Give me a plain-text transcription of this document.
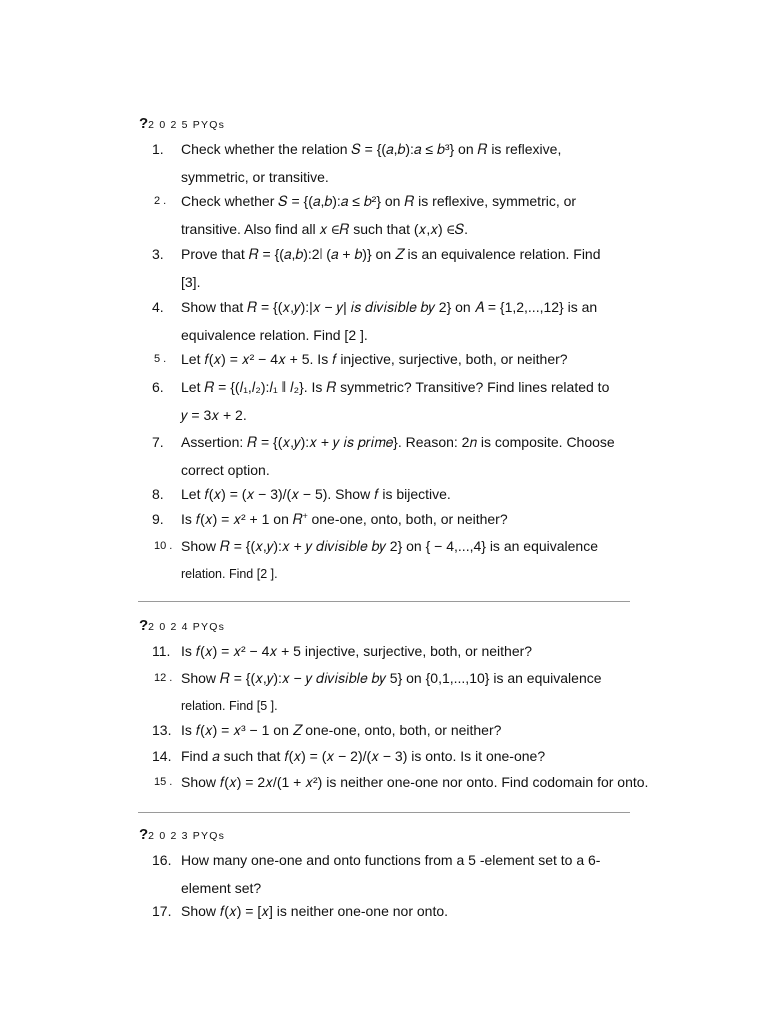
?2 0 2 5 PYQs
1. Check whether the relation 𝑆 = {(𝑎,𝑏):𝑎 ≤ 𝑏³} on 𝑅 is reflexive,
symmetric, or transitive.
2 . Check whether 𝑆 = {(𝑎,𝑏):𝑎 ≤ 𝑏²} on 𝑅 is reflexive, symmetric, or
transitive. Also find all 𝑥 ∈𝑅 such that (𝑥,𝑥) ∈𝑆.
3. Prove that 𝑅 = {(𝑎,𝑏):2∣ (𝑎 + 𝑏)} on 𝑍 is an equivalence relation. Find
[3].
4. Show that 𝑅 = {(𝑥,𝑦):|𝑥 − 𝑦| 𝑖𝑠 𝑑𝑖𝑣𝑖𝑠𝑖𝑏𝑙𝑒 𝑏𝑦 2} on 𝐴 = {1,2,...,12} is an
equivalence relation. Find [2 ].
5 . Let 𝑓(𝑥) = 𝑥² − 4𝑥 + 5. Is 𝑓 injective, surjective, both, or neither?
6. Let 𝑅 = {(𝑙₁,𝑙₂):𝑙₁ ∥ 𝑙₂}. Is 𝑅 symmetric? Transitive? Find lines related to
𝑦 = 3𝑥 + 2.
7. Assertion: 𝑅 = {(𝑥,𝑦):𝑥 + 𝑦 𝑖𝑠 𝑝𝑟𝑖𝑚𝑒}. Reason: 2𝑛 is composite. Choose
correct option.
8. Let 𝑓(𝑥) = (𝑥 − 3)/(𝑥 − 5). Show 𝑓 is bijective.
9. Is 𝑓(𝑥) = 𝑥² + 1 on 𝑅⁺ one-one, onto, both, or neither?
10 . Show 𝑅 = {(𝑥,𝑦):𝑥 + 𝑦 𝑑𝑖𝑣𝑖𝑠𝑖𝑏𝑙𝑒 𝑏𝑦 2} on { − 4,...,4} is an equivalence
relation. Find [2 ].
?2 0 2 4 PYQs
11. Is 𝑓(𝑥) = 𝑥² − 4𝑥 + 5 injective, surjective, both, or neither?
12 . Show 𝑅 = {(𝑥,𝑦):𝑥 − 𝑦 𝑑𝑖𝑣𝑖𝑠𝑖𝑏𝑙𝑒 𝑏𝑦 5} on {0,1,...,10} is an equivalence
relation. Find [5 ].
13. Is 𝑓(𝑥) = 𝑥³ − 1 on 𝑍 one-one, onto, both, or neither?
14. Find 𝑎 such that 𝑓(𝑥) = (𝑥 − 2)/(𝑥 − 3) is onto. Is it one-one?
15 . Show 𝑓(𝑥) = 2𝑥/(1 + 𝑥²) is neither one-one nor onto. Find codomain for onto.
?2 0 2 3 PYQs
16. How many one-one and onto functions from a 5 -element set to a 6-
element set?
17. Show 𝑓(𝑥) = [𝑥] is neither one-one nor onto.
